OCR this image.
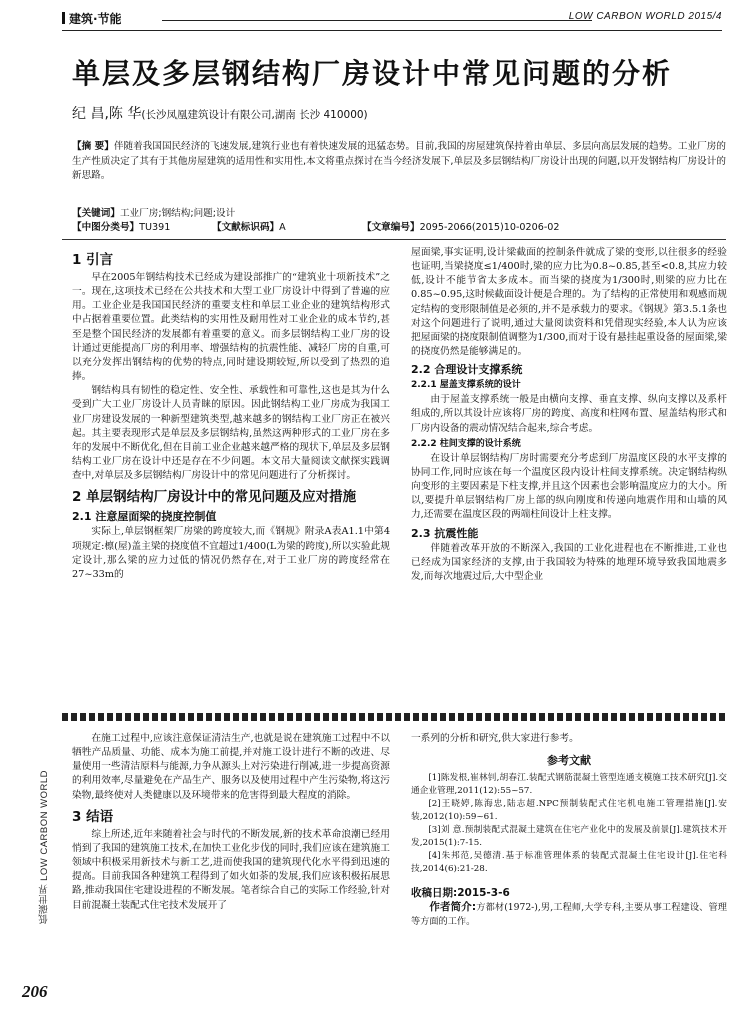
建筑·节能	LOW CARBON WORLD 2015/4
单层及多层钢结构厂房设计中常见问题的分析
纪 昌,陈 华(长沙凤凰建筑设计有限公司,湖南 长沙 410000)
【摘 要】伴随着我国国民经济的飞速发展,建筑行业也有着快速发展的迅猛态势。目前,我国的房屋建筑保持着由单层、多层向高层发展的趋势。工业厂房的生产性质决定了其有于其他房屋建筑的适用性和实用性,本文将重点探讨在当今经济发展下,单层及多层钢结构厂房设计出现的问题,以开发钢结构厂房设计的新思路。
【关键词】工业厂房;钢结构;问题;设计
【中图分类号】TU391	【文献标识码】A	【文章编号】2095-2066(2015)10-0206-02
1 引言

早在2005年钢结构技术已经成为建设部推广的“建筑业十项新技术”之一。现在,这项技术已经在公共技术和大型工业厂房设计中得到了普遍的应用。工业企业是我国国民经济的重要支柱和单层工业企业的建筑结构形式中占据着重要位置。此类结构的实用性及耐用性对工业企业的成本节约,甚至是整个国民经济的发展都有着重要的意义。而多层钢结构工业厂房的设计通过更能提高厂房的利用率、增强结构的抗震性能、减轻厂房的自重,可以充分发挥出钢结构的优势的特点,同时建设期较短,所以受到了热烈的追捧。

钢结构具有韧性的稳定性、安全性、承载性和可靠性,这也是其为什么受到广大工业厂房设计人员青睐的原因。因此钢结构工业厂房成为我国工业厂房建设发展的一种新型建筑类型,越来越多的钢结构工业厂房正在被兴起。其主要表现形式是单层及多层钢结构,虽然这两种形式的工业厂房在多年的发展中不断优化,但在目前工业企业越来越严格的现状下,单层及多层钢结构工业厂房在设计中还是存在不少问题。本文吊大量阅读文献探实践调查中,对单层及多层钢结构厂房设计中的常见问题进行了分析探讨。

2 单层钢结构厂房设计中的常见问题及应对措施
2.1 注意屋面梁的挠度控制值

实际上,单层钢框架厂房梁的跨度较大,而《钢规》附录A表A1.1中第4项规定:檩(屋)盖主梁的挠度值不宜超过1/400(L为梁的跨度),所以实验此规定设计,那么梁的应力过低的情况仍然存在,对于工业厂房的跨度经常在27~33m的

屋面梁,事实证明,设计梁截面的控制条件就成了梁的变形,以往很多的经验也证明,当梁挠度≤1/400时,梁的应力比为0.8~0.85,甚至<0.8,其应力较低,设计不能节省太多成本。而当梁的挠度为1/300时,则梁的应力比在0.85~0.95,这时候截面设计便是合理的。为了结构的正常使用和观感而规定结构的变形限制值是必须的,并不是承载力的要求。《钢规》第3.5.1条也对这个问题进行了说明,通过大量阅读资料和凭借现实经验,本人认为应该把屋面梁的挠度限制值调整为1/300,而对于设有悬挂起重设备的屋面梁,梁的挠度仍然是能够满足的。

2.2 合理设计支撑系统
2.2.1 屋盖支撑系统的设计

由于屋盖支撑系统一般是由横向支撑、垂直支撑、纵向支撑以及系杆组成的,所以其设计应该将厂房的跨度、高度和柱网布置、屋盖结构形式和厂房内设备的震动情况结合起来,综合考虑。

2.2.2 柱间支撑的设计系统

在设计单层钢结构厂房时需要充分考虑到厂房温度区段的水平支撑的协同工作,同时应该在每一个温度区段内设计柱间支撑系统。决定钢结构纵向变形的主要因素是下柱支撑,并且这个因素也会影响温度应力的大小。所以,要提升单层钢结构厂房上部的纵向刚度和传递向地震作用和山墙的风力,还需要在温度区段的两端柱间设计上柱支撑。

2.3 抗震性能

伴随着改革开放的不断深入,我国的工业化进程也在不断推进,工业也已经成为国家经济的支撑,由于我国较为特殊的地理环境导致我国地震多发,而每次地震过后,大中型企业

在施工过程中,应该注意保证清洁生产,也就是说在建筑施工过程中不以牺牲产品质量、功能、成本为施工前提,并对施工设计进行不断的改进、尽量使用一些清洁原料与能源,力争从源头上对污染进行削减,进一步提高资源的利用效率,尽量避免在产品生产、服务以及使用过程中产生污染物,将这污染物,最终使对人类健康以及环境带来的危害得到最大程度的消除。

3 结语

综上所述,近年来随着社会与时代的不断发展,新的技术革命浪潮已经用悄到了我国的建筑施工技术,在加快工业化步伐的同时,我们应该在建筑施工领域中积极采用新技术与新工艺,进而使我国的建筑现代化水平得到迅速的提高。目前我国各种建筑工程得到了如火如荼的发展,我们应该积极拓展思路,推动我国住宅建设进程的不断发展。笔者综合自己的实际工作经验,针对目前混凝土装配式住宅技术发展开了

一系列的分析和研究,供大家进行参考。

参考文献

[1]陈发根,崔林钊,胡春江.装配式钢筋混凝土管型连通支模施工技术研究[J].交通企业管理,2011(12):55~57.

[2]王晓婷,陈海忠,陆志超.NPC预制装配式住宅机电施工管理措施[J].安装,2012(10):59~61.

[3]刘 意.预制装配式混凝土建筑在住宅产业化中的发展及前景[J].建筑技术开发,2015(1):7-15.

[4]朱邦范,吴德清.基于标准管理体系的装配式混凝土住宅设计[J].住宅科技,2014(6):21-28.

收稿日期:2015-3-6

作者简介:方都材(1972-),男,工程师,大学专科,主要从事工程建设、管理等方面的工作。

低碳世界 LOW CARBON WORLD
206
